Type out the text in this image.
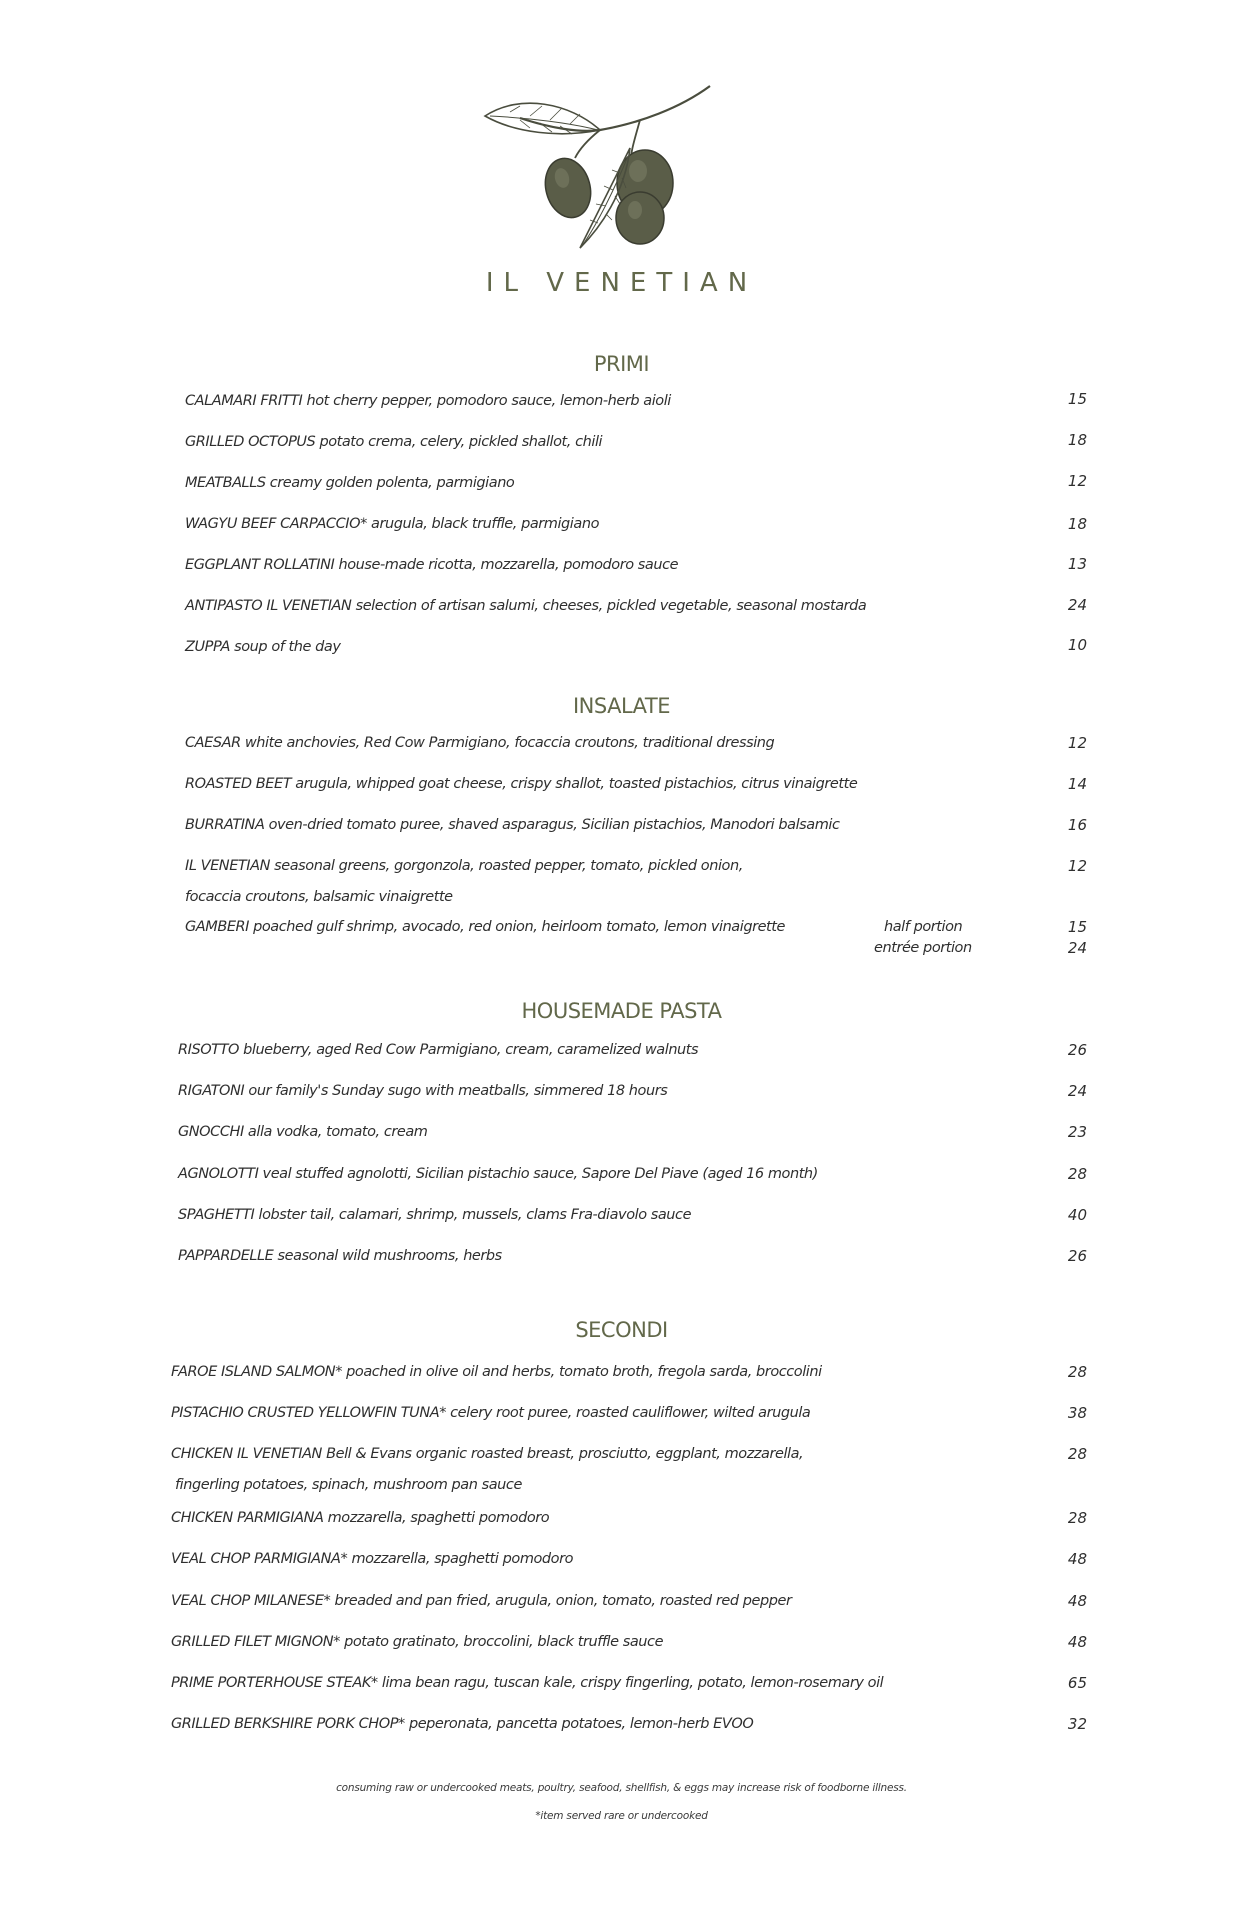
IL VENETIAN
PRIMI
CALAMARI FRITTI hot cherry pepper, pomodoro sauce, lemon-herb aioli	15
GRILLED OCTOPUS potato crema, celery, pickled shallot, chili	18
MEATBALLS creamy golden polenta, parmigiano	12
WAGYU BEEF CARPACCIO* arugula, black truffle, parmigiano	18
EGGPLANT ROLLATINI house-made ricotta, mozzarella, pomodoro sauce	13
ANTIPASTO IL VENETIAN selection of artisan salumi, cheeses, pickled vegetable, seasonal mostarda	24
ZUPPA soup of the day	10
INSALATE
CAESAR white anchovies, Red Cow Parmigiano, focaccia croutons, traditional dressing	12
ROASTED BEET arugula, whipped goat cheese, crispy shallot, toasted pistachios, citrus vinaigrette	14
BURRATINA oven-dried tomato puree, shaved asparagus, Sicilian pistachios, Manodori balsamic	16
IL VENETIAN seasonal greens, gorgonzola, roasted pepper, tomato, pickled onion,
focaccia croutons, balsamic vinaigrette
12
GAMBERI poached gulf shrimp, avocado, red onion, heirloom tomato, lemon vinaigrette	half portion	15
entrée portion	24
HOUSEMADE PASTA
RISOTTO blueberry, aged Red Cow Parmigiano, cream, caramelized walnuts	26
RIGATONI our family's Sunday sugo with meatballs, simmered 18 hours	24
GNOCCHI alla vodka, tomato, cream	23
AGNOLOTTI veal stuffed agnolotti, Sicilian pistachio sauce, Sapore Del Piave (aged 16 month)	28
SPAGHETTI lobster tail, calamari, shrimp, mussels, clams Fra-diavolo sauce	40
PAPPARDELLE seasonal wild mushrooms, herbs	26
SECONDI
FAROE ISLAND SALMON* poached in olive oil and herbs, tomato broth, fregola sarda, broccolini	28
PISTACHIO CRUSTED YELLOWFIN TUNA* celery root puree, roasted cauliflower, wilted arugula	38
CHICKEN IL VENETIAN Bell & Evans organic roasted breast, prosciutto, eggplant, mozzarella,
fingerling potatoes, spinach, mushroom pan sauce
28
CHICKEN PARMIGIANA mozzarella, spaghetti pomodoro	28
VEAL CHOP PARMIGIANA* mozzarella, spaghetti pomodoro	48
VEAL CHOP MILANESE* breaded and pan fried, arugula, onion, tomato, roasted red pepper	48
GRILLED FILET MIGNON* potato gratinato, broccolini, black truffle sauce	48
PRIME PORTERHOUSE STEAK* lima bean ragu, tuscan kale, crispy fingerling, potato, lemon-rosemary oil	65
GRILLED BERKSHIRE PORK CHOP* peperonata, pancetta potatoes, lemon-herb EVOO	32
consuming raw or undercooked meats, poultry, seafood, shellfish, & eggs may increase risk of foodborne illness.
*item served rare or undercooked
